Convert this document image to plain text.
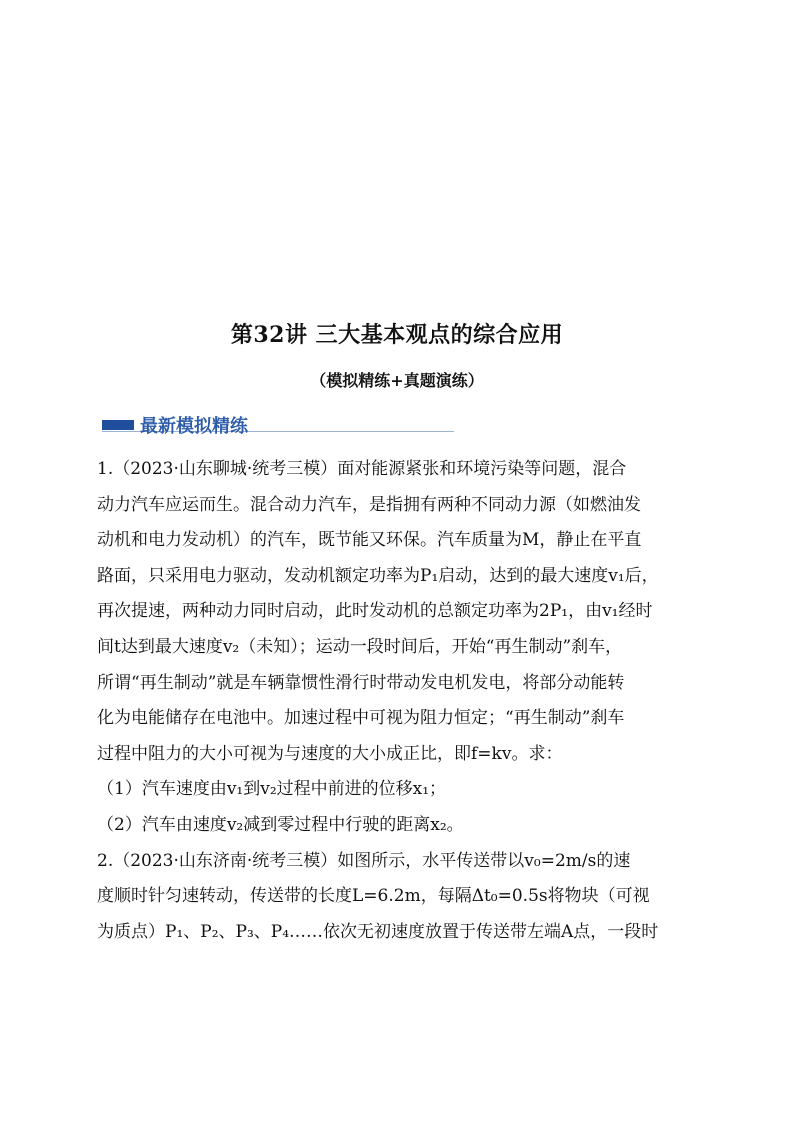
第32讲 三大基本观点的综合应用
（模拟精练+真题演练）
最新模拟精练

1.（2023·山东聊城·统考三模）面对能源紧张和环境污染等问题，混合
动力汽车应运而生。混合动力汽车，是指拥有两种不同动力源（如燃油发
动机和电力发动机）的汽车，既节能又环保。汽车质量为M，静止在平直
路面，只采用电力驱动，发动机额定功率为P₁启动，达到的最大速度v₁后，
再次提速，两种动力同时启动，此时发动机的总额定功率为2P₁，由v₁经时
间t达到最大速度v₂（未知）；运动一段时间后，开始“再生制动”刹车，
所谓“再生制动”就是车辆靠惯性滑行时带动发电机发电，将部分动能转
化为电能储存在电池中。加速过程中可视为阻力恒定；“再生制动”刹车
过程中阻力的大小可视为与速度的大小成正比，即f=kv。求：

（1）汽车速度由v₁到v₂过程中前进的位移x₁；
（2）汽车由速度v₂减到零过程中行驶的距离x₂。

2.（2023·山东济南·统考三模）如图所示，水平传送带以v₀=2m/s的速
度顺时针匀速转动，传送带的长度L=6.2m，每隔Δt₀=0.5s将物块（可视
为质点）P₁、P₂、P₃、P₄……依次无初速度放置于传送带左端A点，一段时
